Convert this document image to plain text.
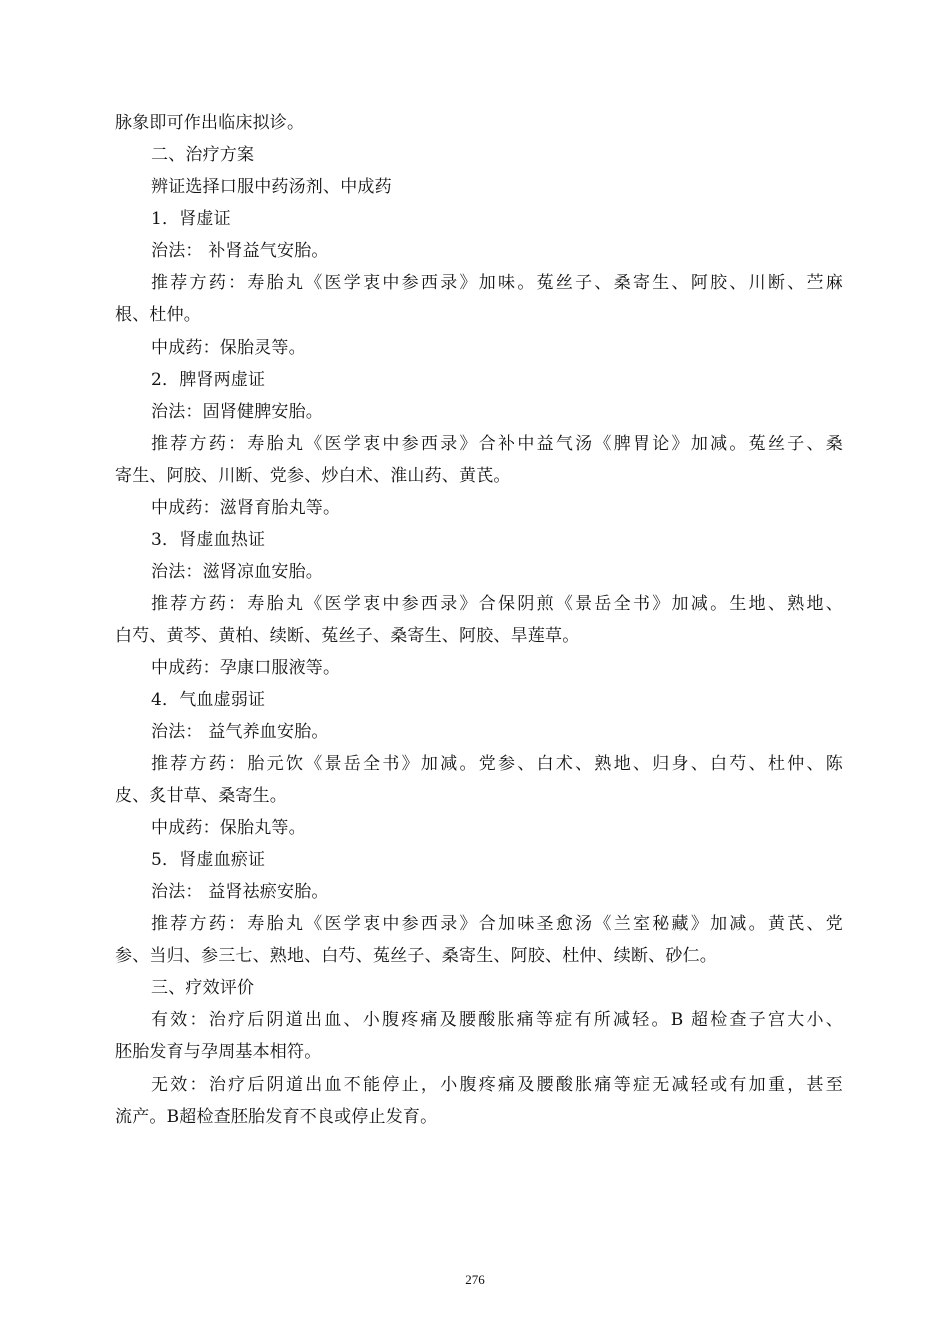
脉象即可作出临床拟诊。
二、治疗方案
辨证选择口服中药汤剂、中成药
1．肾虚证
治法： 补肾益气安胎。
推荐方药：寿胎丸《医学衷中参西录》加味。菟丝子、桑寄生、阿胶、川断、苎麻
根、杜仲。
中成药：保胎灵等。
2．脾肾两虚证
治法：固肾健脾安胎。
推荐方药：寿胎丸《医学衷中参西录》合补中益气汤《脾胃论》加减。菟丝子、桑
寄生、阿胶、川断、党参、炒白术、淮山药、黄芪。
中成药：滋肾育胎丸等。
3．肾虚血热证
治法：滋肾凉血安胎。
推荐方药：寿胎丸《医学衷中参西录》合保阴煎《景岳全书》加减。生地、熟地、
白芍、黄芩、黄柏、续断、菟丝子、桑寄生、阿胶、旱莲草。
中成药：孕康口服液等。
4．气血虚弱证
治法： 益气养血安胎。
推荐方药：胎元饮《景岳全书》加减。党参、白术、熟地、归身、白芍、杜仲、陈
皮、炙甘草、桑寄生。
中成药：保胎丸等。
5．肾虚血瘀证
治法： 益肾祛瘀安胎。
推荐方药：寿胎丸《医学衷中参西录》合加味圣愈汤《兰室秘藏》加减。黄芪、党
参、当归、参三七、熟地、白芍、菟丝子、桑寄生、阿胶、杜仲、续断、砂仁。
三、疗效评价
有效：治疗后阴道出血、小腹疼痛及腰酸胀痛等症有所减轻。B 超检查子宫大小、
胚胎发育与孕周基本相符。
无效：治疗后阴道出血不能停止，小腹疼痛及腰酸胀痛等症无减轻或有加重，甚至
流产。B超检查胚胎发育不良或停止发育。
276
